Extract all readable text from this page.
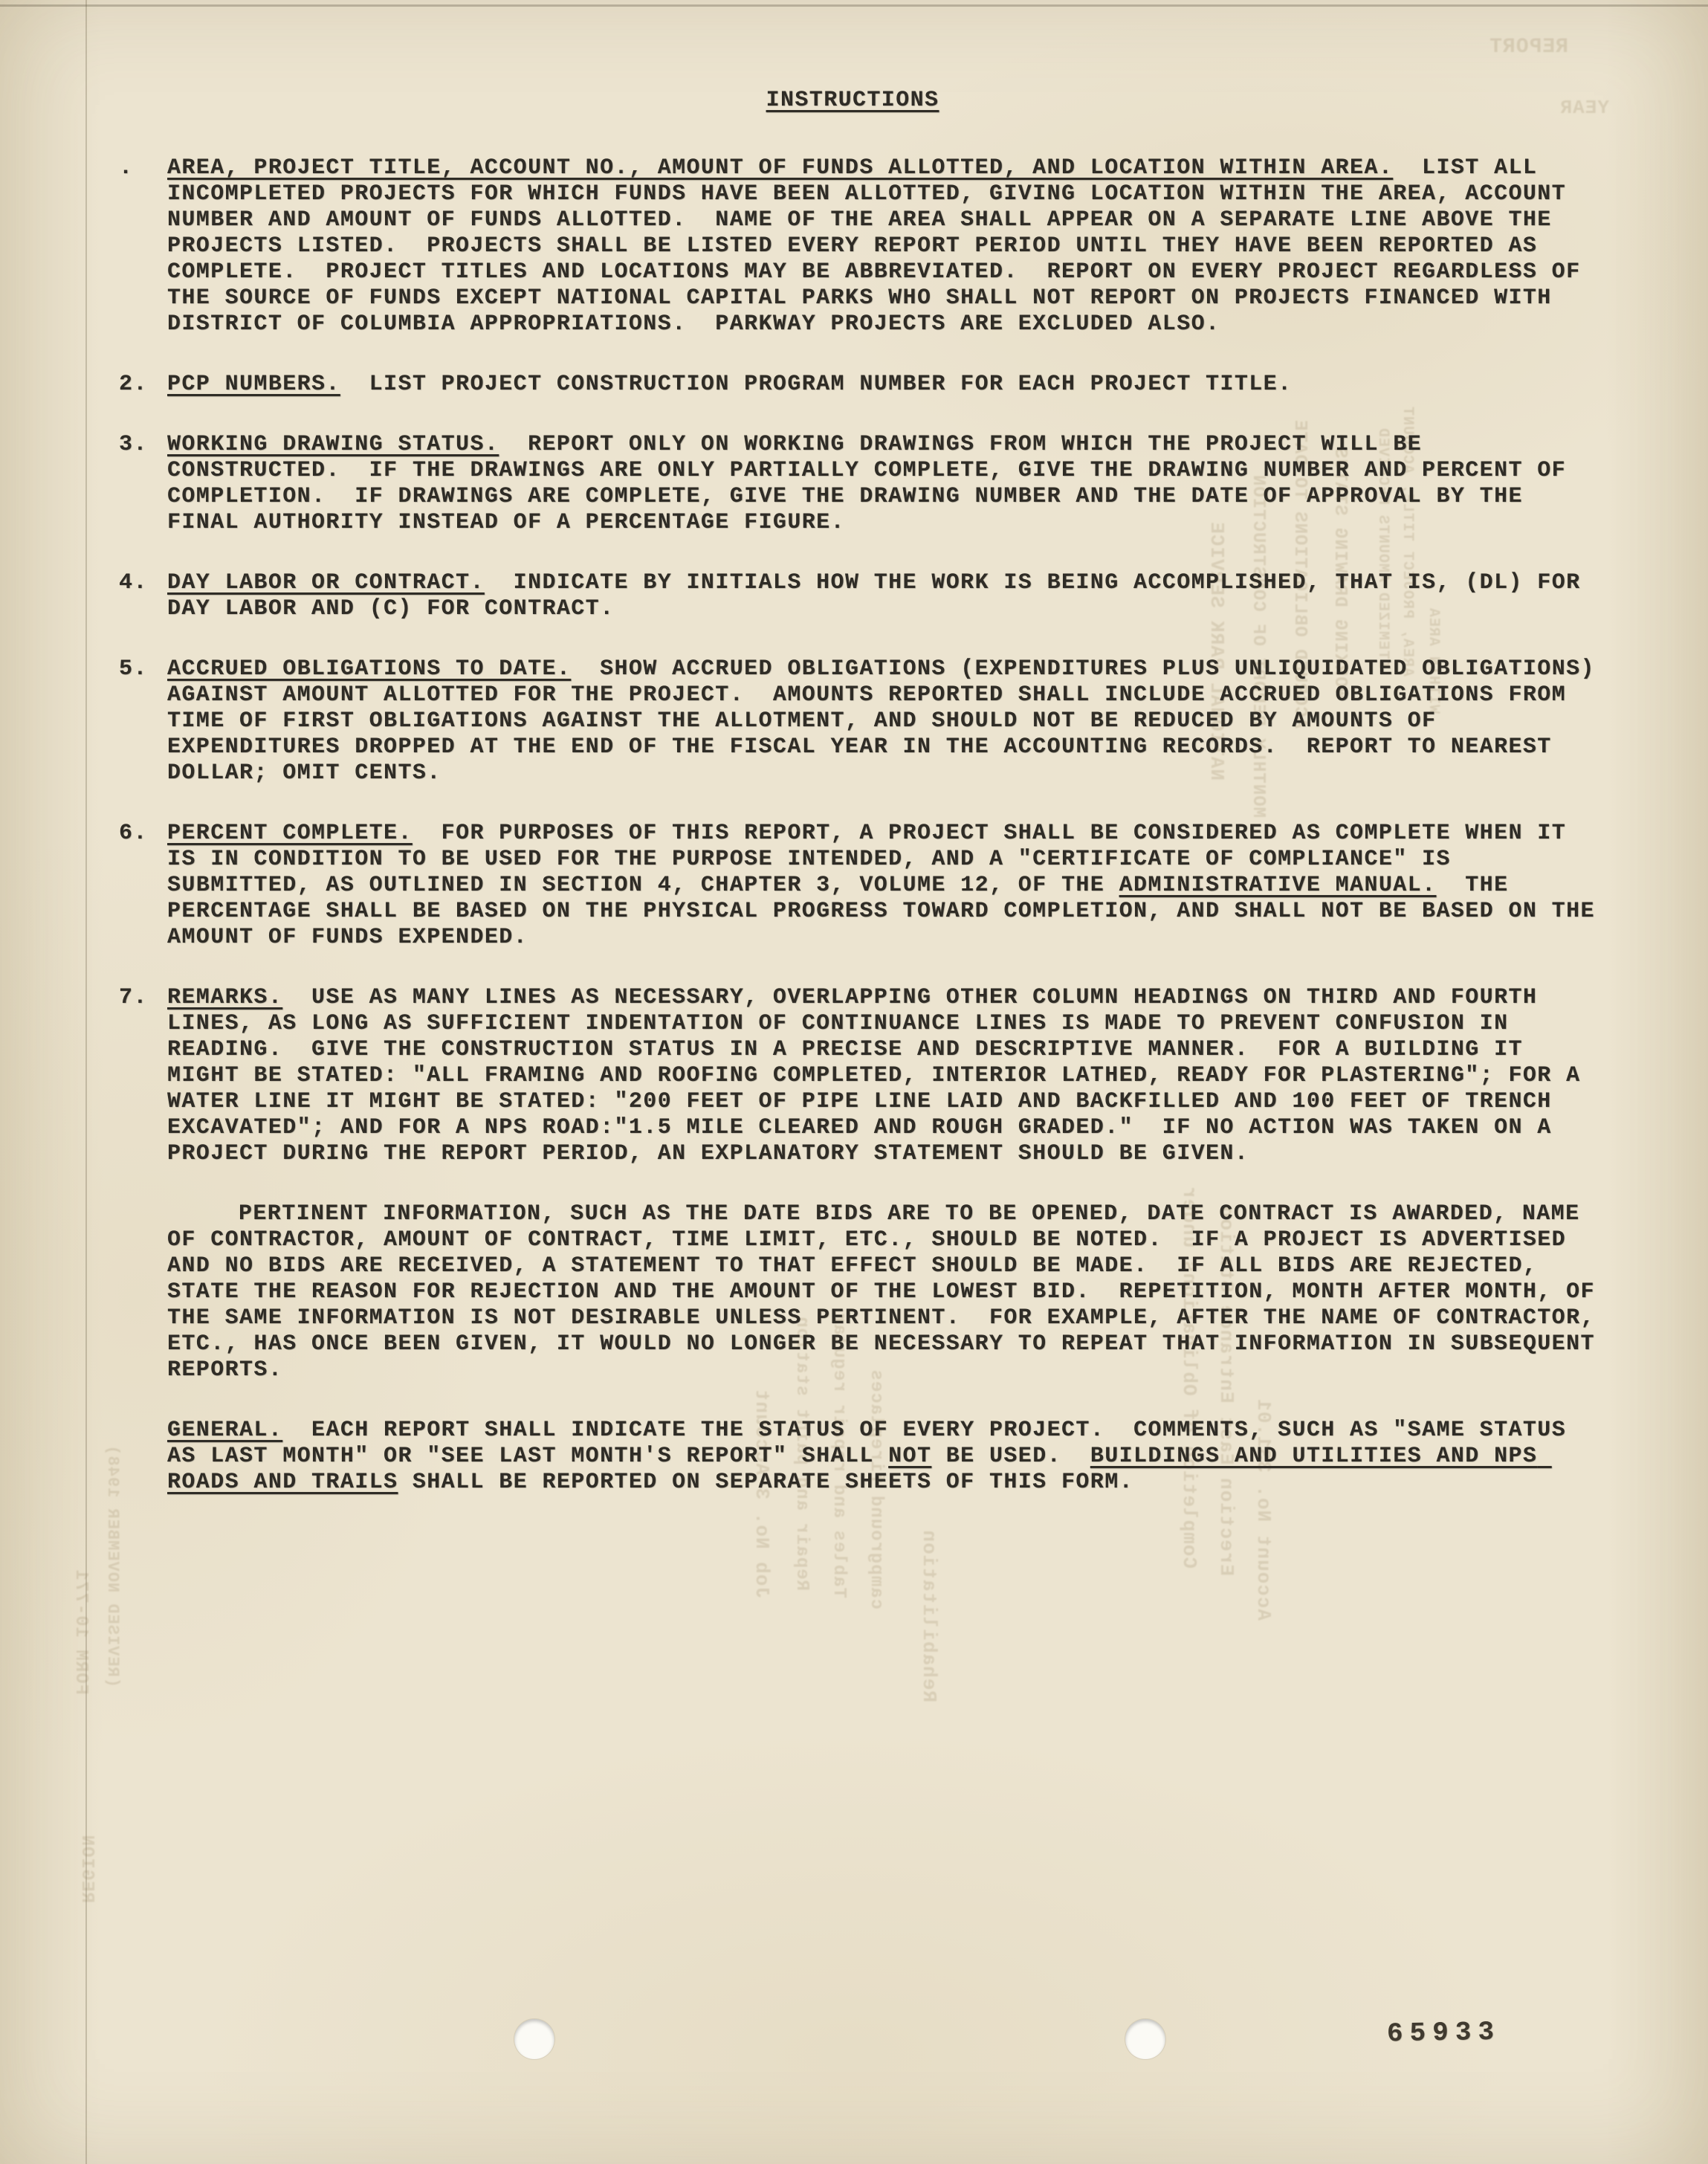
REPORT
YEAR
NATIONAL PARK SERVICE MONTHLY REPORT OF CONSTRUCTION ACCRUED OBLIGATIONS TO DATE WORKING DRAWING STATUS ITEMIZED AMOUNTS RECEIVED AREA, PROJECT TITLE, ACCOUNT WITHIN AREA
Completion of Obligations under Erection East Entrance Station Account No. 331.01
Rehabilitation
Job No. 3 Account Repair and paint station Tables and repair regular campground fireplaces
FORM 10-771 (REVISED NOVEMBER 1948)
REGION
INSTRUCTIONS
.	AREA, PROJECT TITLE, ACCOUNT NO., AMOUNT OF FUNDS ALLOTTED, AND LOCATION WITHIN AREA.  LIST ALL INCOMPLETED PROJECTS FOR WHICH FUNDS HAVE BEEN ALLOTTED, GIVING LOCATION WITHIN THE AREA, ACCOUNT NUMBER AND AMOUNT OF FUNDS ALLOTTED.  NAME OF THE AREA SHALL APPEAR ON A SEPARATE LINE ABOVE THE PROJECTS LISTED.  PROJECTS SHALL BE LISTED EVERY REPORT PERIOD UNTIL THEY HAVE BEEN REPORTED AS COMPLETE.  PROJECT TITLES AND LOCATIONS MAY BE ABBREVIATED.  REPORT ON EVERY PROJECT REGARDLESS OF THE SOURCE OF FUNDS EXCEPT NATIONAL CAPITAL PARKS WHO SHALL NOT REPORT ON PROJECTS FINANCED WITH DISTRICT OF COLUMBIA APPROPRIATIONS.  PARKWAY PROJECTS ARE EXCLUDED ALSO.
2. PCP NUMBERS.  LIST PROJECT CONSTRUCTION PROGRAM NUMBER FOR EACH PROJECT TITLE.
3. WORKING DRAWING STATUS.  REPORT ONLY ON WORKING DRAWINGS FROM WHICH THE PROJECT WILL BE CONSTRUCTED.  IF THE DRAWINGS ARE ONLY PARTIALLY COMPLETE, GIVE THE DRAWING NUMBER AND PERCENT OF COMPLETION.  IF DRAWINGS ARE COMPLETE, GIVE THE DRAWING NUMBER AND THE DATE OF APPROVAL BY THE FINAL AUTHORITY INSTEAD OF A PERCENTAGE FIGURE.
4. DAY LABOR OR CONTRACT.  INDICATE BY INITIALS HOW THE WORK IS BEING ACCOMPLISHED, THAT IS, (DL) FOR DAY LABOR AND (C) FOR CONTRACT.
5. ACCRUED OBLIGATIONS TO DATE.  SHOW ACCRUED OBLIGATIONS (EXPENDITURES PLUS UNLIQUIDATED OBLIGATIONS) AGAINST AMOUNT ALLOTTED FOR THE PROJECT.  AMOUNTS REPORTED SHALL INCLUDE ACCRUED OBLIGATIONS FROM TIME OF FIRST OBLIGATIONS AGAINST THE ALLOTMENT, AND SHOULD NOT BE REDUCED BY AMOUNTS OF EXPENDITURES DROPPED AT THE END OF THE FISCAL YEAR IN THE ACCOUNTING RECORDS.  REPORT TO NEAREST DOLLAR; OMIT CENTS.
6. PERCENT COMPLETE.  FOR PURPOSES OF THIS REPORT, A PROJECT SHALL BE CONSIDERED AS COMPLETE WHEN IT IS IN CONDITION TO BE USED FOR THE PURPOSE INTENDED, AND A "CERTIFICATE OF COMPLIANCE" IS SUBMITTED, AS OUTLINED IN SECTION 4, CHAPTER 3, VOLUME 12, OF THE ADMINISTRATIVE MANUAL.  THE PERCENTAGE SHALL BE BASED ON THE PHYSICAL PROGRESS TOWARD COMPLETION, AND SHALL NOT BE BASED ON THE AMOUNT OF FUNDS EXPENDED.
7. REMARKS.  USE AS MANY LINES AS NECESSARY, OVERLAPPING OTHER COLUMN HEADINGS ON THIRD AND FOURTH LINES, AS LONG AS SUFFICIENT INDENTATION OF CONTINUANCE LINES IS MADE TO PREVENT CONFUSION IN READING.  GIVE THE CONSTRUCTION STATUS IN A PRECISE AND DESCRIPTIVE MANNER.  FOR A BUILDING IT MIGHT BE STATED: "ALL FRAMING AND ROOFING COMPLETED, INTERIOR LATHED, READY FOR PLASTERING"; FOR A WATER LINE IT MIGHT BE STATED: "200 FEET OF PIPE LINE LAID AND BACKFILLED AND 100 FEET OF TRENCH EXCAVATED"; AND FOR A NPS ROAD:"1.5 MILE CLEARED AND ROUGH GRADED."  IF NO ACTION WAS TAKEN ON A PROJECT DURING THE REPORT PERIOD, AN EXPLANATORY STATEMENT SHOULD BE GIVEN.
PERTINENT INFORMATION, SUCH AS THE DATE BIDS ARE TO BE OPENED, DATE CONTRACT IS AWARDED, NAME OF CONTRACTOR, AMOUNT OF CONTRACT, TIME LIMIT, ETC., SHOULD BE NOTED.  IF A PROJECT IS ADVERTISED AND NO BIDS ARE RECEIVED, A STATEMENT TO THAT EFFECT SHOULD BE MADE.  IF ALL BIDS ARE REJECTED, STATE THE REASON FOR REJECTION AND THE AMOUNT OF THE LOWEST BID.  REPETITION, MONTH AFTER MONTH, OF THE SAME INFORMATION IS NOT DESIRABLE UNLESS PERTINENT.  FOR EXAMPLE, AFTER THE NAME OF CONTRACTOR, ETC., HAS ONCE BEEN GIVEN, IT WOULD NO LONGER BE NECESSARY TO REPEAT THAT INFORMATION IN SUBSEQUENT REPORTS.
GENERAL.  EACH REPORT SHALL INDICATE THE STATUS OF EVERY PROJECT.  COMMENTS, SUCH AS "SAME STATUS AS LAST MONTH" OR "SEE LAST MONTH'S REPORT" SHALL NOT BE USED.  BUILDINGS AND UTILITIES AND NPS ROADS AND TRAILS SHALL BE REPORTED ON SEPARATE SHEETS OF THIS FORM.
65933
